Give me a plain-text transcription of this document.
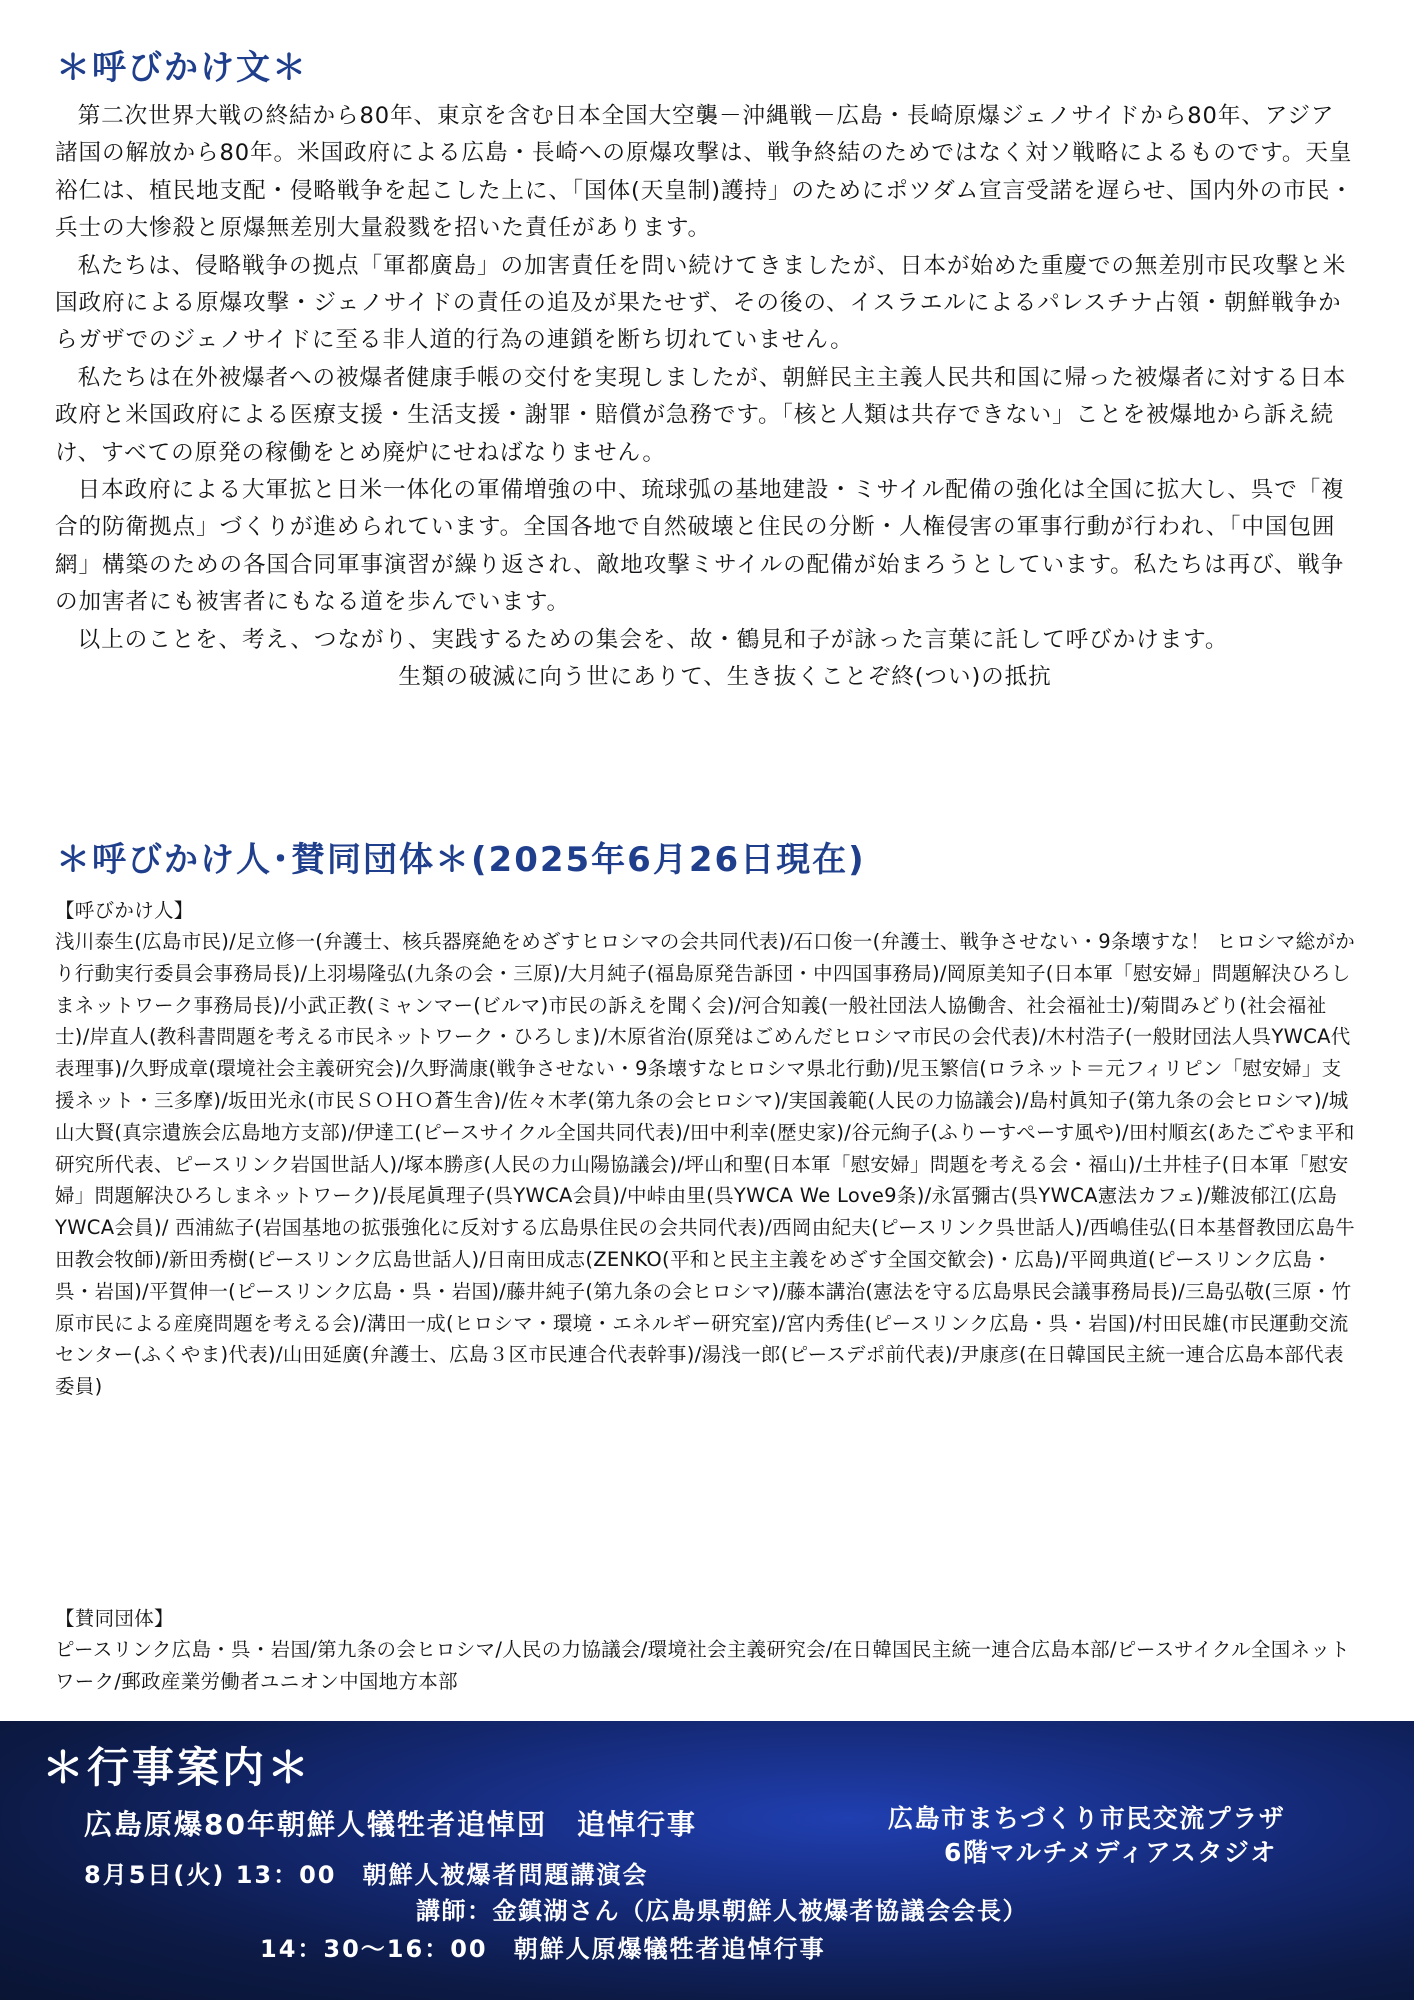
＊呼びかけ文＊

第二次世界大戦の終結から80年、東京を含む日本全国大空襲－沖縄戦－広島・長崎原爆ジェノサイドから80年、アジア諸国の解放から80年。米国政府による広島・長崎への原爆攻撃は、戦争終結のためではなく対ソ戦略によるものです。天皇裕仁は、植民地支配・侵略戦争を起こした上に、「国体(天皇制)護持」のためにポツダム宣言受諾を遅らせ、国内外の市民・兵士の大惨殺と原爆無差別大量殺戮を招いた責任があります。

私たちは、侵略戦争の拠点「軍都廣島」の加害責任を問い続けてきましたが、日本が始めた重慶での無差別市民攻撃と米国政府による原爆攻撃・ジェノサイドの責任の追及が果たせず、その後の、イスラエルによるパレスチナ占領・朝鮮戦争からガザでのジェノサイドに至る非人道的行為の連鎖を断ち切れていません。

私たちは在外被爆者への被爆者健康手帳の交付を実現しましたが、朝鮮民主主義人民共和国に帰った被爆者に対する日本政府と米国政府による医療支援・生活支援・謝罪・賠償が急務です。「核と人類は共存できない」ことを被爆地から訴え続け、すべての原発の稼働をとめ廃炉にせねばなりません。

日本政府による大軍拡と日米一体化の軍備増強の中、琉球弧の基地建設・ミサイル配備の強化は全国に拡大し、呉で「複合的防衛拠点」づくりが進められています。全国各地で自然破壊と住民の分断・人権侵害の軍事行動が行われ、「中国包囲網」構築のための各国合同軍事演習が繰り返され、敵地攻撃ミサイルの配備が始まろうとしています。私たちは再び、戦争の加害者にも被害者にもなる道を歩んでいます。

以上のことを、考え、つながり、実践するための集会を、故・鶴見和子が詠った言葉に託して呼びかけます。

生類の破滅に向う世にありて、生き抜くことぞ終(つい)の抵抗

＊呼びかけ人･賛同団体＊(2025年6月26日現在)
【呼びかけ人】
浅川泰生(広島市民)/足立修一(弁護士、核兵器廃絶をめざすヒロシマの会共同代表)/石口俊一(弁護士、戦争させない・9条壊すな！ ヒロシマ総がかり行動実行委員会事務局長)/上羽場隆弘(九条の会・三原)/大月純子(福島原発告訴団・中四国事務局)/岡原美知子(日本軍「慰安婦」問題解決ひろしまネットワーク事務局長)/小武正教(ミャンマー(ビルマ)市民の訴えを聞く会)/河合知義(一般社団法人協働舎、社会福祉士)/菊間みどり(社会福祉士)/岸直人(教科書問題を考える市民ネットワーク・ひろしま)/木原省治(原発はごめんだヒロシマ市民の会代表)/木村浩子(一般財団法人呉YWCA代表理事)/久野成章(環境社会主義研究会)/久野満康(戦争させない・9条壊すなヒロシマ県北行動)/児玉繁信(ロラネット＝元フィリピン「慰安婦」支援ネット・三多摩)/坂田光永(市民ＳＯＨＯ蒼生舎)/佐々木孝(第九条の会ヒロシマ)/実国義範(人民の力協議会)/島村眞知子(第九条の会ヒロシマ)/城山大賢(真宗遺族会広島地方支部)/伊達工(ピースサイクル全国共同代表)/田中利幸(歴史家)/谷元絢子(ふりーすぺーす風や)/田村順玄(あたごやま平和研究所代表、ピースリンク岩国世話人)/塚本勝彦(人民の力山陽協議会)/坪山和聖(日本軍「慰安婦」問題を考える会・福山)/土井桂子(日本軍「慰安婦」問題解決ひろしまネットワーク)/長尾眞理子(呉YWCA会員)/中峠由里(呉YWCA We Love9条)/永冨彌古(呉YWCA憲法カフェ)/難波郁江(広島YWCA会員)/ 西浦紘子(岩国基地の拡張強化に反対する広島県住民の会共同代表)/西岡由紀夫(ピースリンク呉世話人)/西嶋佳弘(日本基督教団広島牛田教会牧師)/新田秀樹(ピースリンク広島世話人)/日南田成志(ZENKO(平和と民主主義をめざす全国交歓会)・広島)/平岡典道(ピースリンク広島・呉・岩国)/平賀伸一(ピースリンク広島・呉・岩国)/藤井純子(第九条の会ヒロシマ)/藤本講治(憲法を守る広島県民会議事務局長)/三島弘敬(三原・竹原市民による産廃問題を考える会)/溝田一成(ヒロシマ・環境・エネルギー研究室)/宮内秀佳(ピースリンク広島・呉・岩国)/村田民雄(市民運動交流センター(ふくやま)代表)/山田延廣(弁護士、広島３区市民連合代表幹事)/湯浅一郎(ピースデポ前代表)/尹康彦(在日韓国民主統一連合広島本部代表委員)
【賛同団体】
ピースリンク広島・呉・岩国/第九条の会ヒロシマ/人民の力協議会/環境社会主義研究会/在日韓国民主統一連合広島本部/ピースサイクル全国ネットワーク/郵政産業労働者ユニオン中国地方本部
＊行事案内＊
広島原爆80年朝鮮人犠牲者追悼団　追悼行事	広島市まちづくり市民交流プラザ
6階マルチメディアスタジオ
8月5日(火) 13：00　朝鮮人被爆者問題講演会
講師：金鎮湖さん（広島県朝鮮人被爆者協議会会長）
14：30〜16：00　朝鮮人原爆犠牲者追悼行事
